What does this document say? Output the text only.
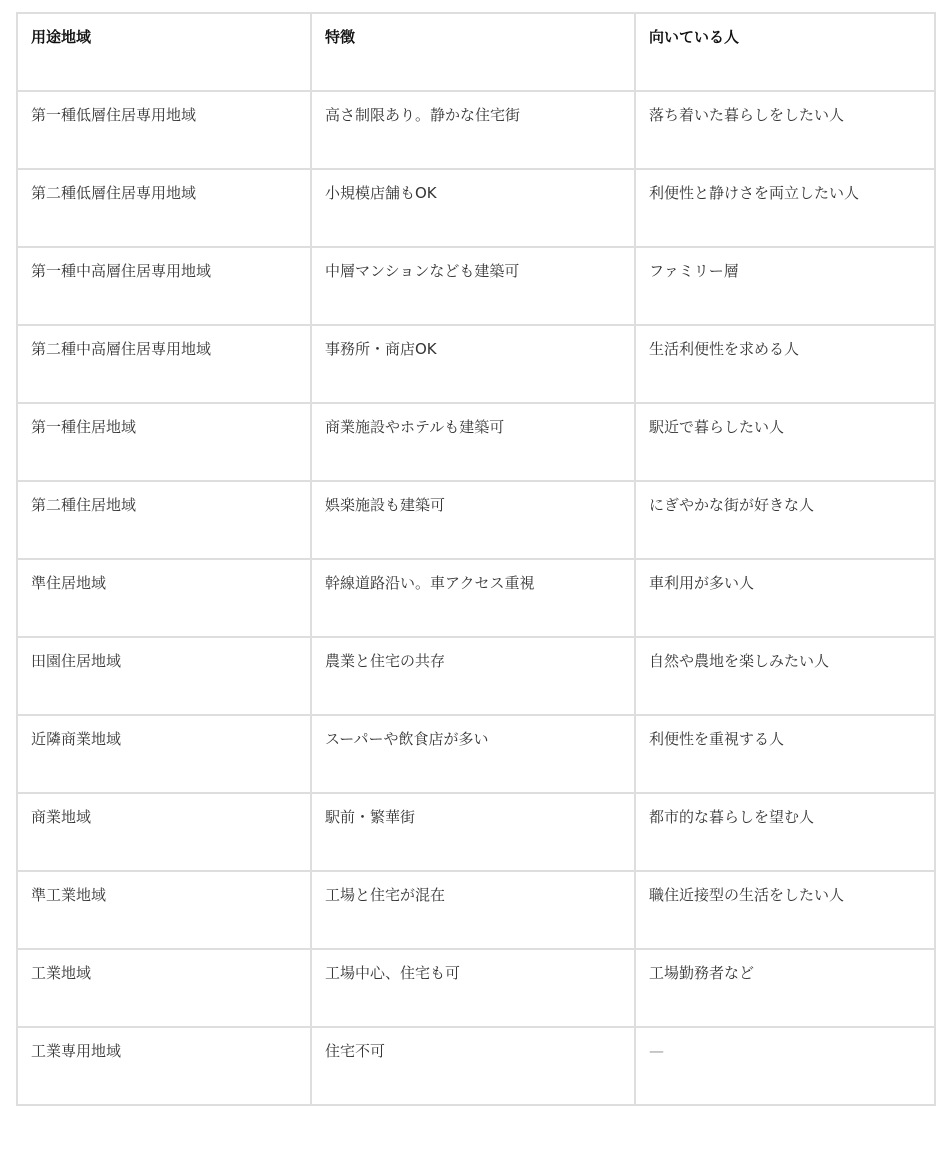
用途地域	特徴	向いている人
第一種低層住居専用地域	高さ制限あり。静かな住宅街	落ち着いた暮らしをしたい人
第二種低層住居専用地域	小規模店舗もOK	利便性と静けさを両立したい人
第一種中高層住居専用地域	中層マンションなども建築可	ファミリー層
第二種中高層住居専用地域	事務所・商店OK	生活利便性を求める人
第一種住居地域	商業施設やホテルも建築可	駅近で暮らしたい人
第二種住居地域	娯楽施設も建築可	にぎやかな街が好きな人
準住居地域	幹線道路沿い。車アクセス重視	車利用が多い人
田園住居地域	農業と住宅の共存	自然や農地を楽しみたい人
近隣商業地域	スーパーや飲食店が多い	利便性を重視する人
商業地域	駅前・繁華街	都市的な暮らしを望む人
準工業地域	工場と住宅が混在	職住近接型の生活をしたい人
工業地域	工場中心、住宅も可	工場勤務者など
工業専用地域	住宅不可	—
